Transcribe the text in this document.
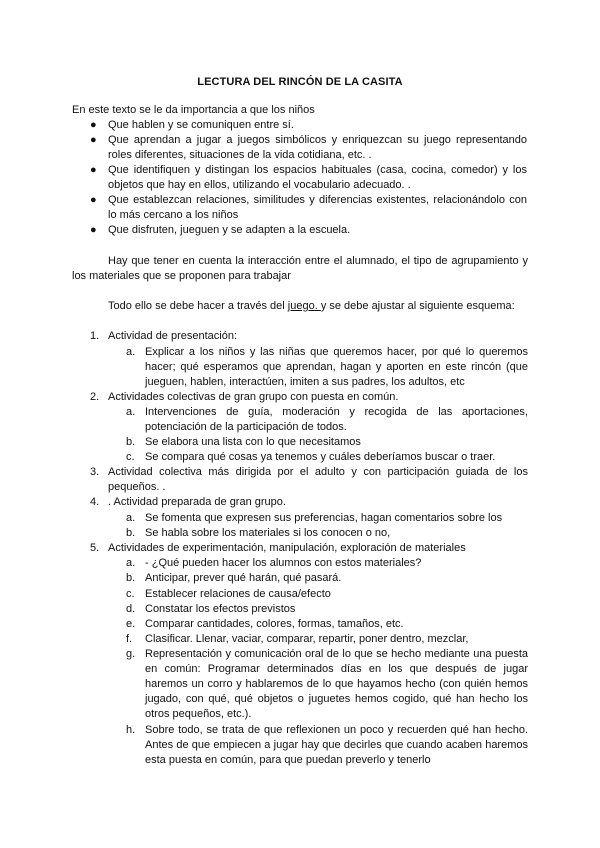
LECTURA DEL RINCÓN DE LA CASITA
En este texto se le da importancia a que los niños
●	Que hablen y se comuniquen entre sí.
●	Que aprendan a jugar a juegos simbólicos y enriquezcan su juego representando roles diferentes, situaciones de la vida cotidiana, etc. .
●	Que identifiquen y distingan los espacios habituales (casa, cocina, comedor) y los objetos que hay en ellos, utilizando el vocabulario adecuado. .
●	Que establezcan relaciones, similitudes y diferencias existentes, relacionándolo con lo más cercano a los niños
●	Que disfruten, jueguen y se adapten a la escuela.
Hay que tener en cuenta la interacción entre el alumnado, el tipo de agrupamiento y los materiales que se proponen para trabajar
Todo ello se debe hacer a través del juego. y se debe ajustar al siguiente esquema:
1. Actividad de presentación:
a. Explicar a los niños y las niñas que queremos hacer, por qué lo queremos hacer; qué esperamos que aprendan, hagan y aporten en este rincón (que jueguen, hablen, interactúen, imiten a sus padres, los adultos, etc
2. Actividades colectivas de gran grupo con puesta en común.
a. Intervenciones de guía, moderación y recogida de las aportaciones, potenciación de la participación de todos.
b. Se elabora una lista con lo que necesitamos
c. Se compara qué cosas ya tenemos y cuáles deberíamos buscar o traer.
3. Actividad colectiva más dirigida por el adulto y con participación guiada de los pequeños. .
4. . Actividad preparada de gran grupo.
a. Se fomenta que expresen sus preferencias, hagan comentarios sobre los
b. Se habla sobre los materiales si los conocen o no,
5. Actividades de experimentación, manipulación, exploración de materiales
a. - ¿Qué pueden hacer los alumnos con estos materiales?
b. Anticipar, prever qué harán, qué pasará.
c. Establecer relaciones de causa/efecto
d. Constatar los efectos previstos
e. Comparar cantidades, colores, formas, tamaños, etc.
f.	Clasificar. Llenar, vaciar, comparar, repartir, poner dentro, mezclar,
g. Representación y comunicación oral de lo que se hecho mediante una puesta en común: Programar determinados días en los que después de jugar haremos un corro y hablaremos de lo que hayamos hecho (con quién hemos jugado, con qué, qué objetos o juguetes hemos cogido, qué han hecho los otros pequeños, etc.).
h. Sobre todo, se trata de que reflexionen un poco y recuerden qué han hecho. Antes de que empiecen a jugar hay que decirles que cuando acaben haremos esta puesta en común, para que puedan preverlo y tenerlo
